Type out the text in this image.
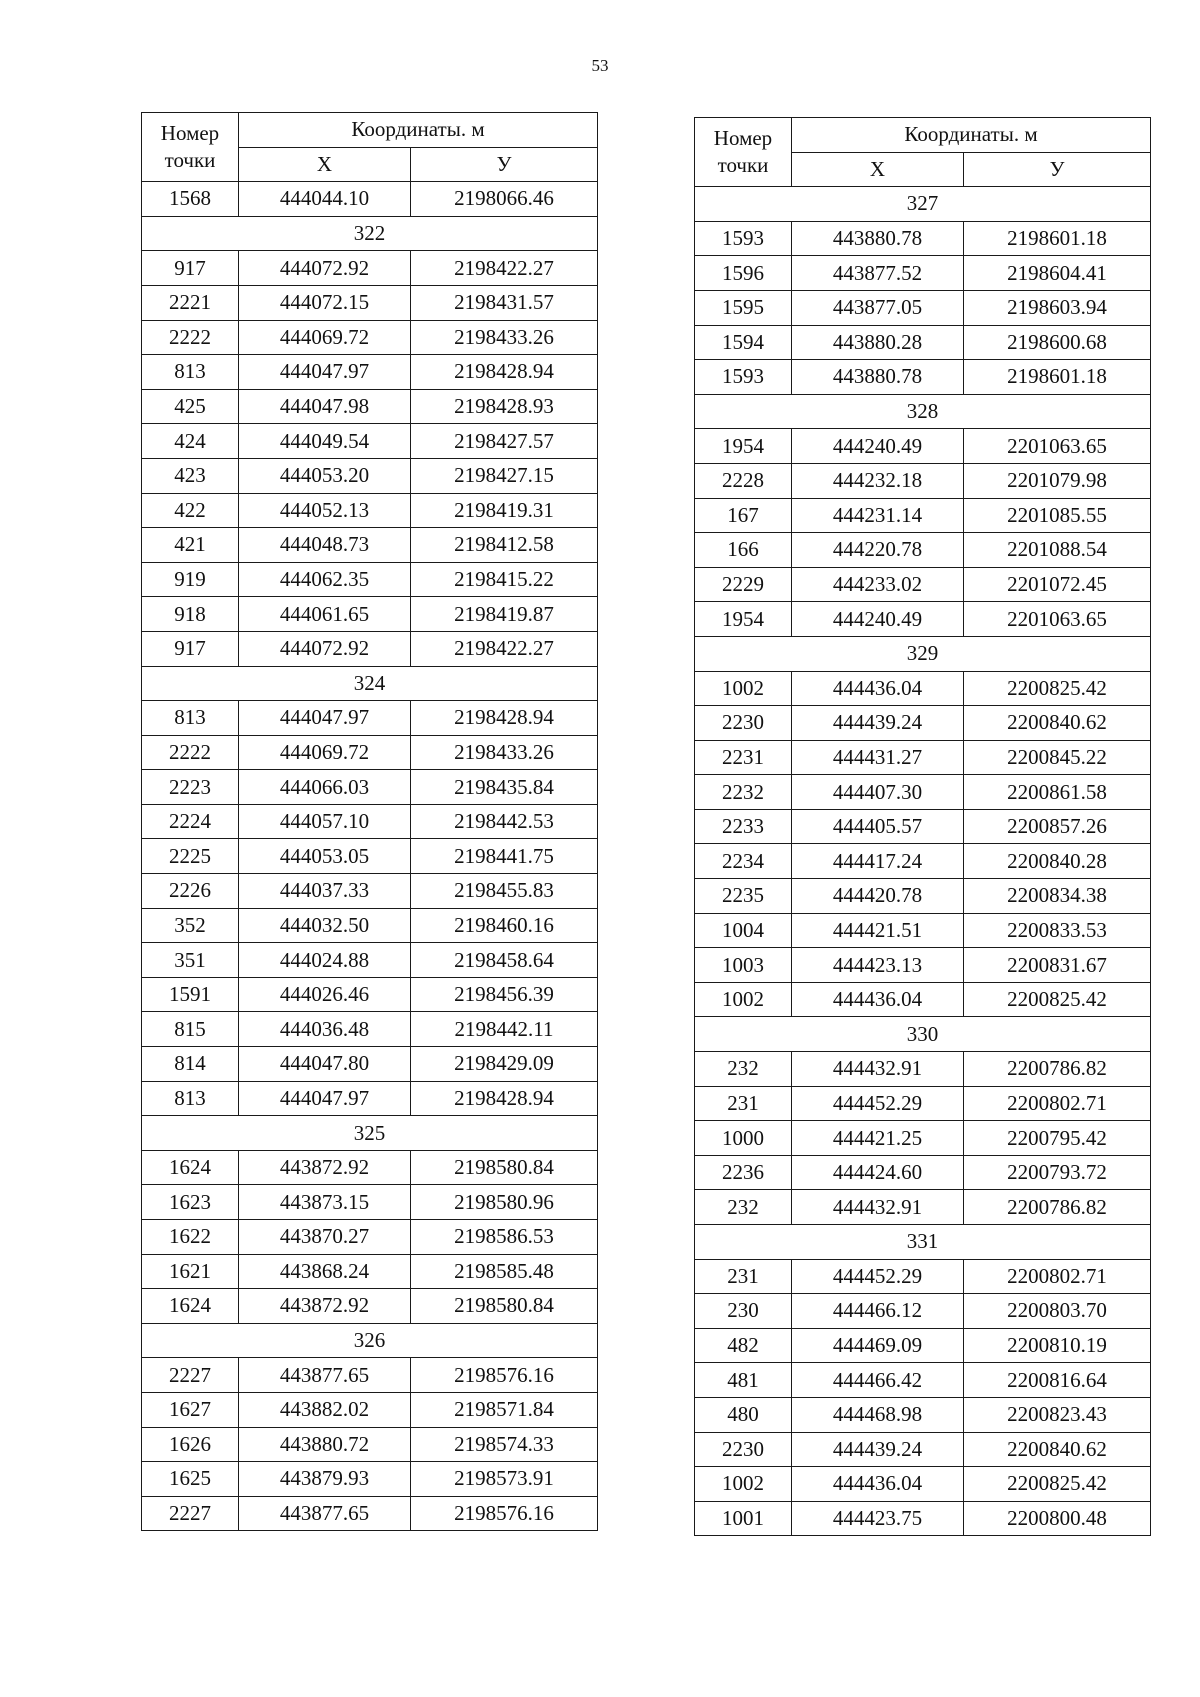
53
Номер
точки	Координаты. м	
	X	У
1568	444044.10	2198066.46
322		
917	444072.92	2198422.27
2221	444072.15	2198431.57
2222	444069.72	2198433.26
813	444047.97	2198428.94
425	444047.98	2198428.93
424	444049.54	2198427.57
423	444053.20	2198427.15
422	444052.13	2198419.31
421	444048.73	2198412.58
919	444062.35	2198415.22
918	444061.65	2198419.87
917	444072.92	2198422.27
324		
813	444047.97	2198428.94
2222	444069.72	2198433.26
2223	444066.03	2198435.84
2224	444057.10	2198442.53
2225	444053.05	2198441.75
2226	444037.33	2198455.83
352	444032.50	2198460.16
351	444024.88	2198458.64
1591	444026.46	2198456.39
815	444036.48	2198442.11
814	444047.80	2198429.09
813	444047.97	2198428.94
325		
1624	443872.92	2198580.84
1623	443873.15	2198580.96
1622	443870.27	2198586.53
1621	443868.24	2198585.48
1624	443872.92	2198580.84
326		
2227	443877.65	2198576.16
1627	443882.02	2198571.84
1626	443880.72	2198574.33
1625	443879.93	2198573.91
2227	443877.65	2198576.16
Номер
точки	Координаты. м	
	X	У
327		
1593	443880.78	2198601.18
1596	443877.52	2198604.41
1595	443877.05	2198603.94
1594	443880.28	2198600.68
1593	443880.78	2198601.18
328		
1954	444240.49	2201063.65
2228	444232.18	2201079.98
167	444231.14	2201085.55
166	444220.78	2201088.54
2229	444233.02	2201072.45
1954	444240.49	2201063.65
329		
1002	444436.04	2200825.42
2230	444439.24	2200840.62
2231	444431.27	2200845.22
2232	444407.30	2200861.58
2233	444405.57	2200857.26
2234	444417.24	2200840.28
2235	444420.78	2200834.38
1004	444421.51	2200833.53
1003	444423.13	2200831.67
1002	444436.04	2200825.42
330		
232	444432.91	2200786.82
231	444452.29	2200802.71
1000	444421.25	2200795.42
2236	444424.60	2200793.72
232	444432.91	2200786.82
331		
231	444452.29	2200802.71
230	444466.12	2200803.70
482	444469.09	2200810.19
481	444466.42	2200816.64
480	444468.98	2200823.43
2230	444439.24	2200840.62
1002	444436.04	2200825.42
1001	444423.75	2200800.48
